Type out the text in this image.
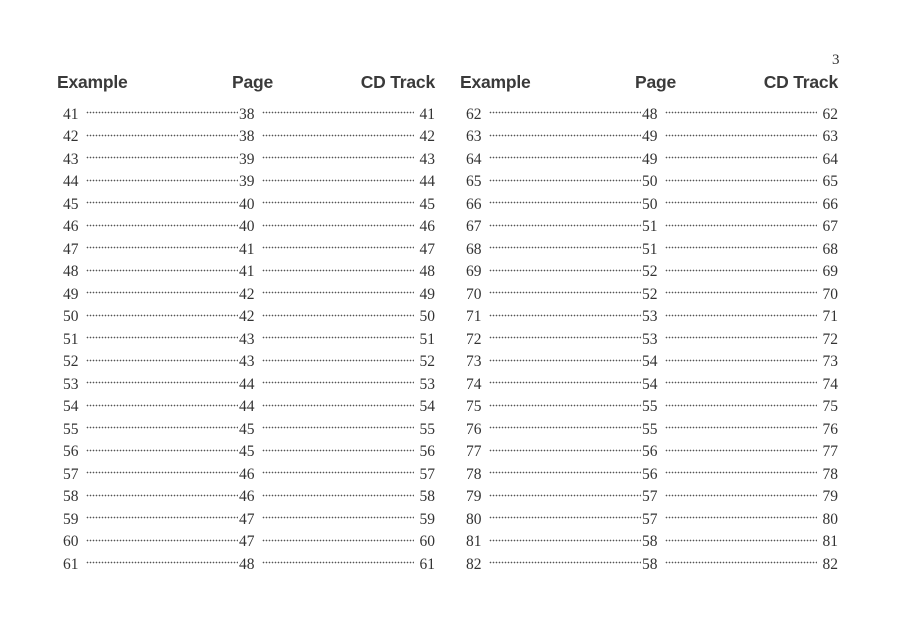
3
Example	Page	CD Track
41	38	41
42	38	42
43	39	43
44	39	44
45	40	45
46	40	46
47	41	47
48	41	48
49	42	49
50	42	50
51	43	51
52	43	52
53	44	53
54	44	54
55	45	55
56	45	56
57	46	57
58	46	58
59	47	59
60	47	60
61	48	61
Example	Page	CD Track
62	48	62
63	49	63
64	49	64
65	50	65
66	50	66
67	51	67
68	51	68
69	52	69
70	52	70
71	53	71
72	53	72
73	54	73
74	54	74
75	55	75
76	55	76
77	56	77
78	56	78
79	57	79
80	57	80
81	58	81
82	58	82
